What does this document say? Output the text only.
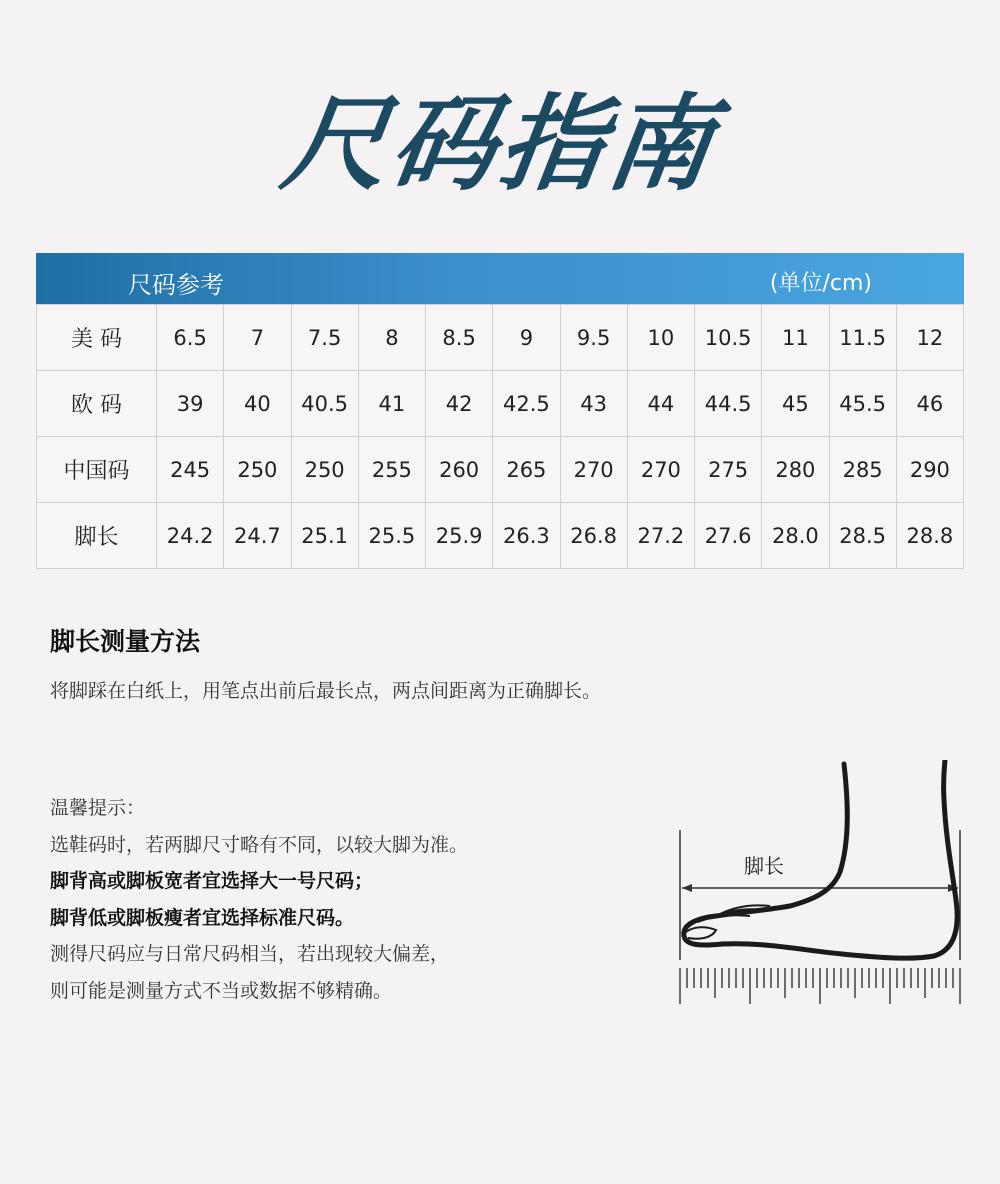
尺码指南
尺码参考	(单位/cm)
美 码	6.5	7	7.5	8	8.5	9	9.5	10	10.5	11	11.5	12
欧 码	39	40	40.5	41	42	42.5	43	44	44.5	45	45.5	46
中国码	245	250	250	255	260	265	270	270	275	280	285	290
脚长	24.2	24.7	25.1	25.5	25.9	26.3	26.8	27.2	27.6	28.0	28.5	28.8
脚长测量方法
将脚踩在白纸上，用笔点出前后最长点，两点间距离为正确脚长。
温馨提示：
选鞋码时，若两脚尺寸略有不同，以较大脚为准。
脚背高或脚板宽者宜选择大一号尺码；
脚背低或脚板瘦者宜选择标准尺码。
测得尺码应与日常尺码相当，若出现较大偏差，
则可能是测量方式不当或数据不够精确。
脚长
